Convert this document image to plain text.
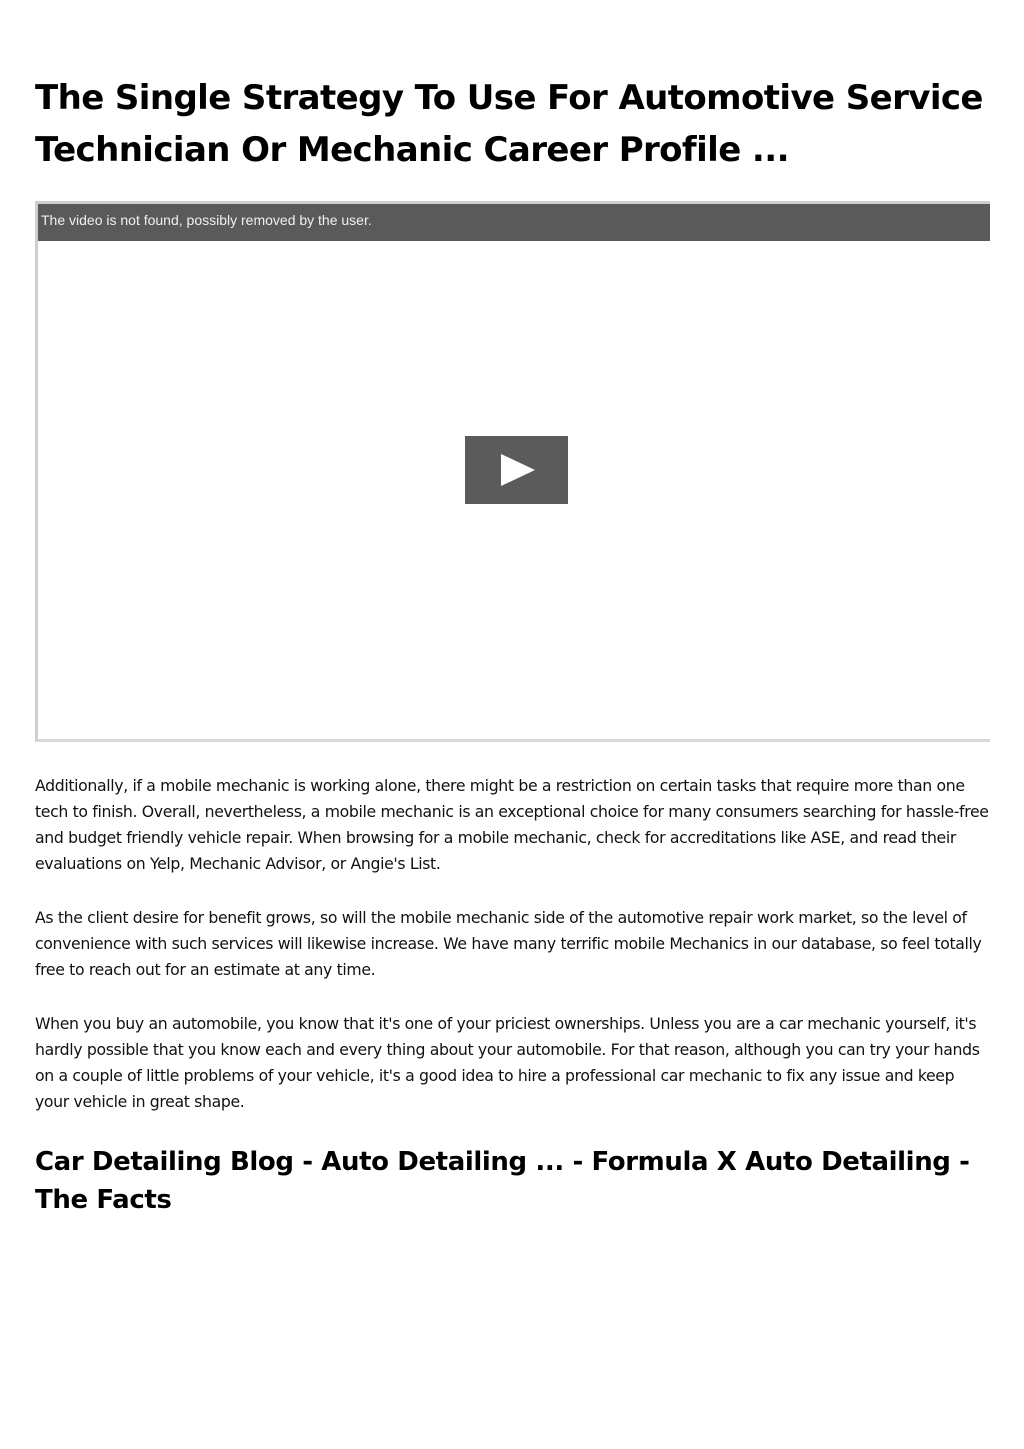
The Single Strategy To Use For Automotive Service Technician Or Mechanic Career Profile ...
The video is not found, possibly removed by the user.

Additionally, if a mobile mechanic is working alone, there might be a restriction on certain tasks that require more than one tech to finish. Overall, nevertheless, a mobile mechanic is an exceptional choice for many consumers searching for hassle-free and budget friendly vehicle repair. When browsing for a mobile mechanic, check for accreditations like ASE, and read their evaluations on Yelp, Mechanic Advisor, or Angie's List.

As the client desire for benefit grows, so will the mobile mechanic side of the automotive repair work market, so the level of convenience with such services will likewise increase. We have many terrific mobile Mechanics in our database, so feel totally free to reach out for an estimate at any time.

When you buy an automobile, you know that it's one of your priciest ownerships. Unless you are a car mechanic yourself, it's hardly possible that you know each and every thing about your automobile. For that reason, although you can try your hands on a couple of little problems of your vehicle, it's a good idea to hire a professional car mechanic to fix any issue and keep your vehicle in great shape.

Car Detailing Blog - Auto Detailing ... - Formula X Auto Detailing - The Facts
